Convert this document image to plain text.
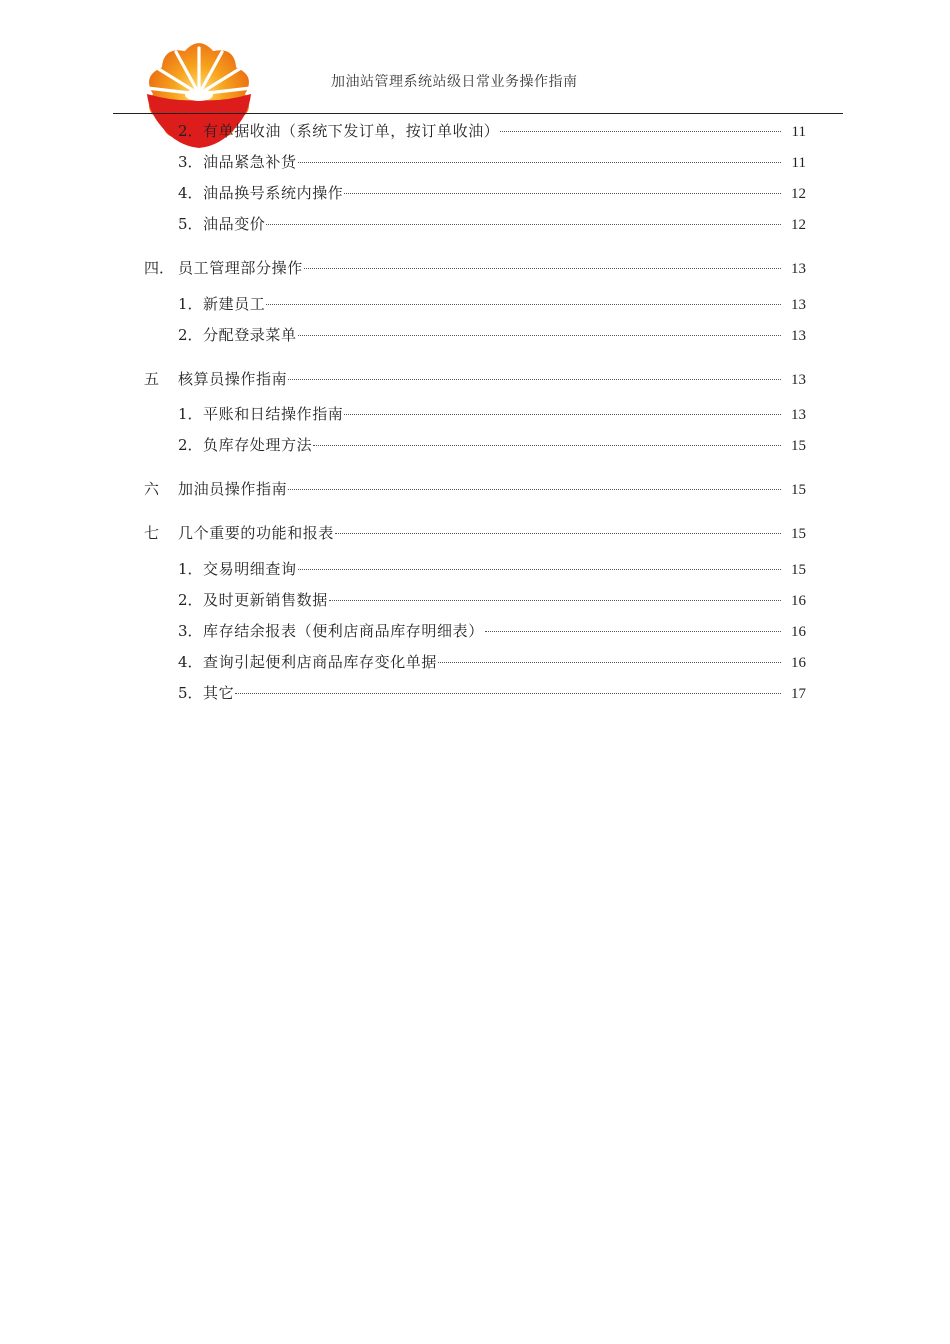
加油站管理系统站级日常业务操作指南
2． 有单据收油（系统下发订单，按订单收油）	11
3． 油品紧急补货	11
4． 油品换号系统内操作	12
5． 油品变价	12
四． 员工管理部分操作	13
1． 新建员工	13
2． 分配登录菜单	13
五	核算员操作指南	13
1． 平账和日结操作指南	13
2． 负库存处理方法	15
六	加油员操作指南	15
七	几个重要的功能和报表	15
1． 交易明细查询	15
2． 及时更新销售数据	16
3． 库存结余报表（便利店商品库存明细表）	16
4． 查询引起便利店商品库存变化单据	16
5． 其它	17
